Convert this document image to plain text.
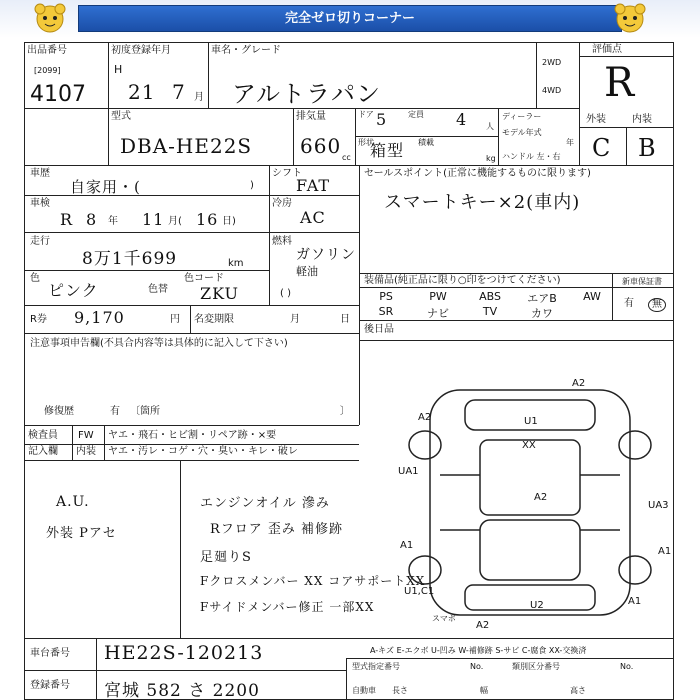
完全ゼロ切りコーナー
出品番号
[2099]
4107
初度登録年月
H
21 7 月
車名・グレード
アルトラパン
2WD
4WD
評価点
R
外装	内装
C B
型式
DBA-HE22S
排気量
660 cc
ドア 5	定員 4 人
形状
箱型 積載
kg
ディーラー
モデル年式
年
ハンドル 左・右
車歴
自家用・(	)
シフト
FAT
車検
R 8 年 11 月( 16 日)
冷房
AC
走行
8万1千699	km
燃料
ガソリン
軽油
( )
色
ピンク	色替
色コード
ZKU
R券 9,170	円 名変期限	月	日
注意事項申告欄(不具合内容等は具体的に記入して下さい)
修復歴	有 〔箇所	〕
セールスポイント(正常に機能するものに限ります)
スマートキー×2(車内)
装備品(純正品に限り○印をつけてください)	新車保証書
有	無
PS	PW	ABS	エアB	AW
SR	ナビ	TV	カワ
後日品
検査員
記入欄
FW ヤエ・飛石・ヒビ割・リペア跡・×要
内装 ヤエ・汚レ・コゲ・穴・臭い・キレ・破レ
A.U.
外装 Pアセ
エンジンオイル 滲み
Rフロア 歪み 補修跡
足廻りS
Fクロスメンバー XX コアサポートXX
Fサイドメンバー修正 一部XX
A2
A2	U1
XX
UA1
A2
UA3
A1
A1
U1,C1
U2	A1
A2
スマボ
A-キズ E-エクボ U-凹み W-補修跡 S-サビ C-腐食 XX-交換済
車台番号 HE22S-120213
登録番号 宮城 582 さ 2200
型式指定番号	No.	類別区分番号	No.
自動車 長さ	幅	高さ
